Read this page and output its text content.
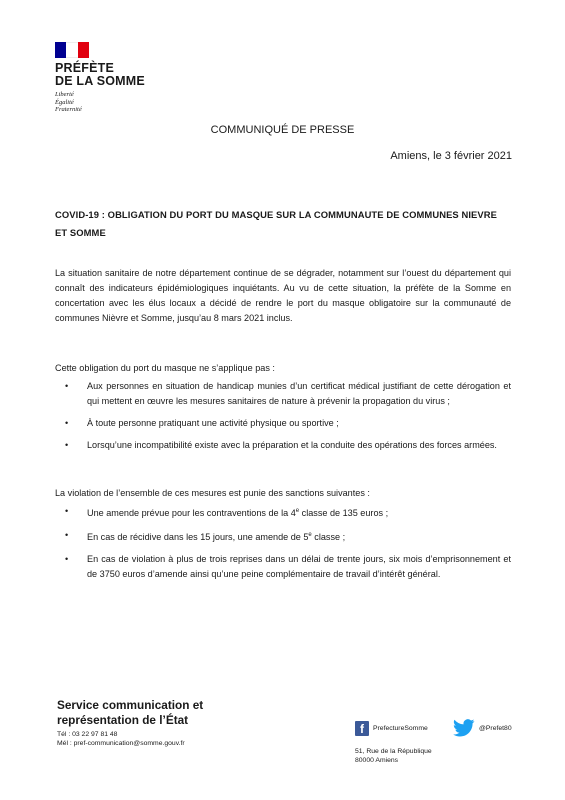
PRÉFÈTE
DE LA SOMME
Liberté
Égalité
Fraternité
COMMUNIQUÉ DE PRESSE
Amiens, le 3 février 2021
COVID-19 : OBLIGATION DU PORT DU MASQUE SUR LA COMMUNAUTE DE COMMUNES NIEVRE ET SOMME
La situation sanitaire de notre département continue de se dégrader, notamment sur l’ouest du département qui connaît des indicateurs épidémiologiques inquiétants. Au vu de cette situation, la préfète de la Somme en concertation avec les élus locaux a décidé de rendre le port du masque obligatoire sur la communauté de communes Nièvre et Somme, jusqu’au 8 mars 2021 inclus.
Cette obligation du port du masque ne s’applique pas :
• Aux personnes en situation de handicap munies d’un certificat médical justifiant de cette dérogation et qui mettent en œuvre les mesures sanitaires de nature à prévenir la propagation du virus ;
• À toute personne pratiquant une activité physique ou sportive ;
• Lorsqu’une incompatibilité existe avec la préparation et la conduite des opérations des forces armées.
La violation de l’ensemble de ces mesures est punie des sanctions suivantes :
• Une amende prévue pour les contraventions de la 4e classe de 135 euros ;
• En cas de récidive dans les 15 jours, une amende de 5e classe ;
• En cas de violation à plus de trois reprises dans un délai de trente jours, six mois d’emprisonnement et de 3750 euros d’amende ainsi qu’une peine complémentaire de travail d’intérêt général.
Service communication et
représentation de l’État
Tél : 03 22 97 81 48
Mél : pref-communication@somme.gouv.fr
f	PrefectureSomme	@Prefet80
51, Rue de la République
80000 Amiens
